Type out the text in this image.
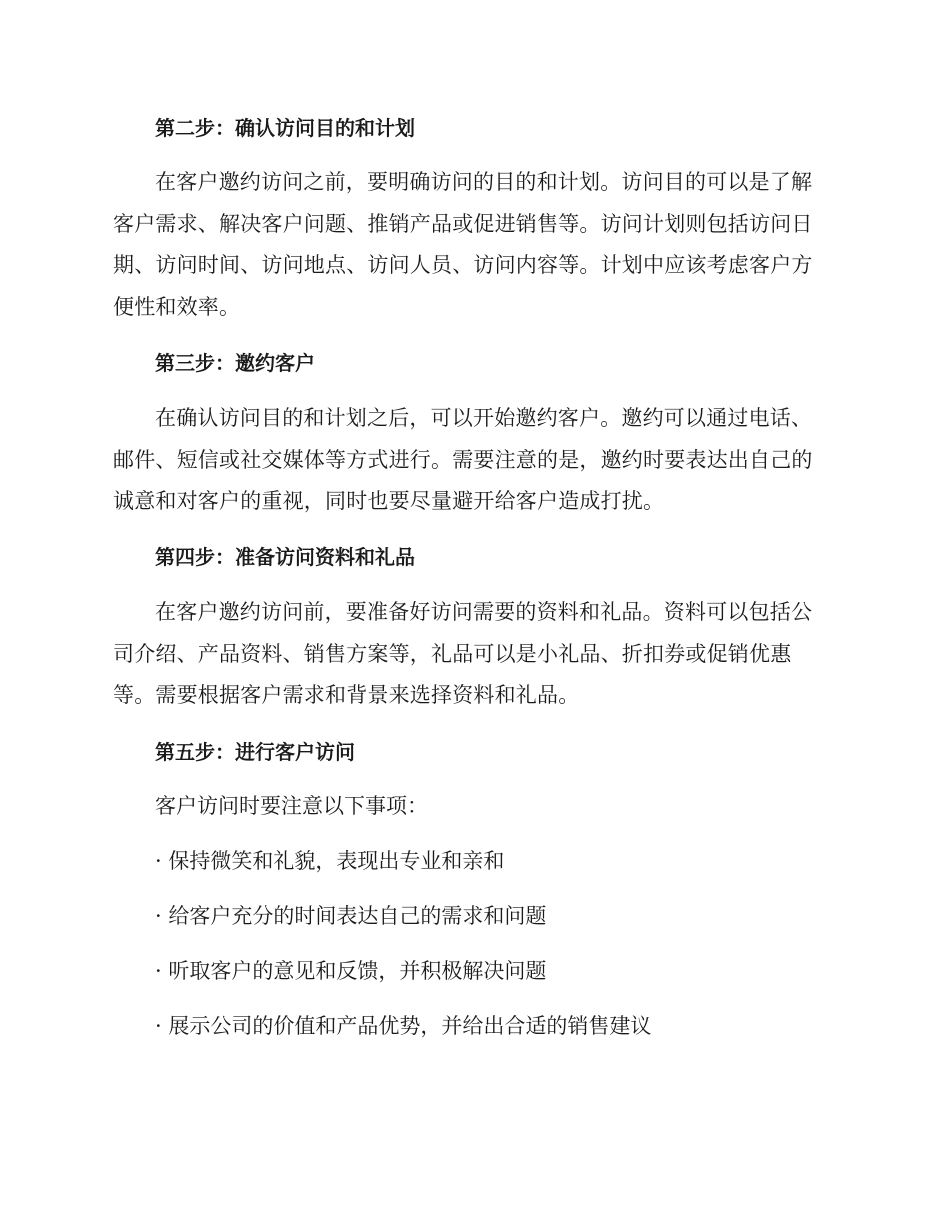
第二步：确认访问目的和计划

在客户邀约访问之前，要明确访问的目的和计划。访问目的可以是了解
客户需求、解决客户问题、推销产品或促进销售等。访问计划则包括访问日
期、访问时间、访问地点、访问人员、访问内容等。计划中应该考虑客户方
便性和效率。

第三步：邀约客户

在确认访问目的和计划之后，可以开始邀约客户。邀约可以通过电话、
邮件、短信或社交媒体等方式进行。需要注意的是，邀约时要表达出自己的
诚意和对客户的重视，同时也要尽量避开给客户造成打扰。

第四步：准备访问资料和礼品

在客户邀约访问前，要准备好访问需要的资料和礼品。资料可以包括公
司介绍、产品资料、销售方案等，礼品可以是小礼品、折扣券或促销优惠
等。需要根据客户需求和背景来选择资料和礼品。

第五步：进行客户访问

客户访问时要注意以下事项：

· 保持微笑和礼貌，表现出专业和亲和

· 给客户充分的时间表达自己的需求和问题

· 听取客户的意见和反馈，并积极解决问题

· 展示公司的价值和产品优势，并给出合适的销售建议
